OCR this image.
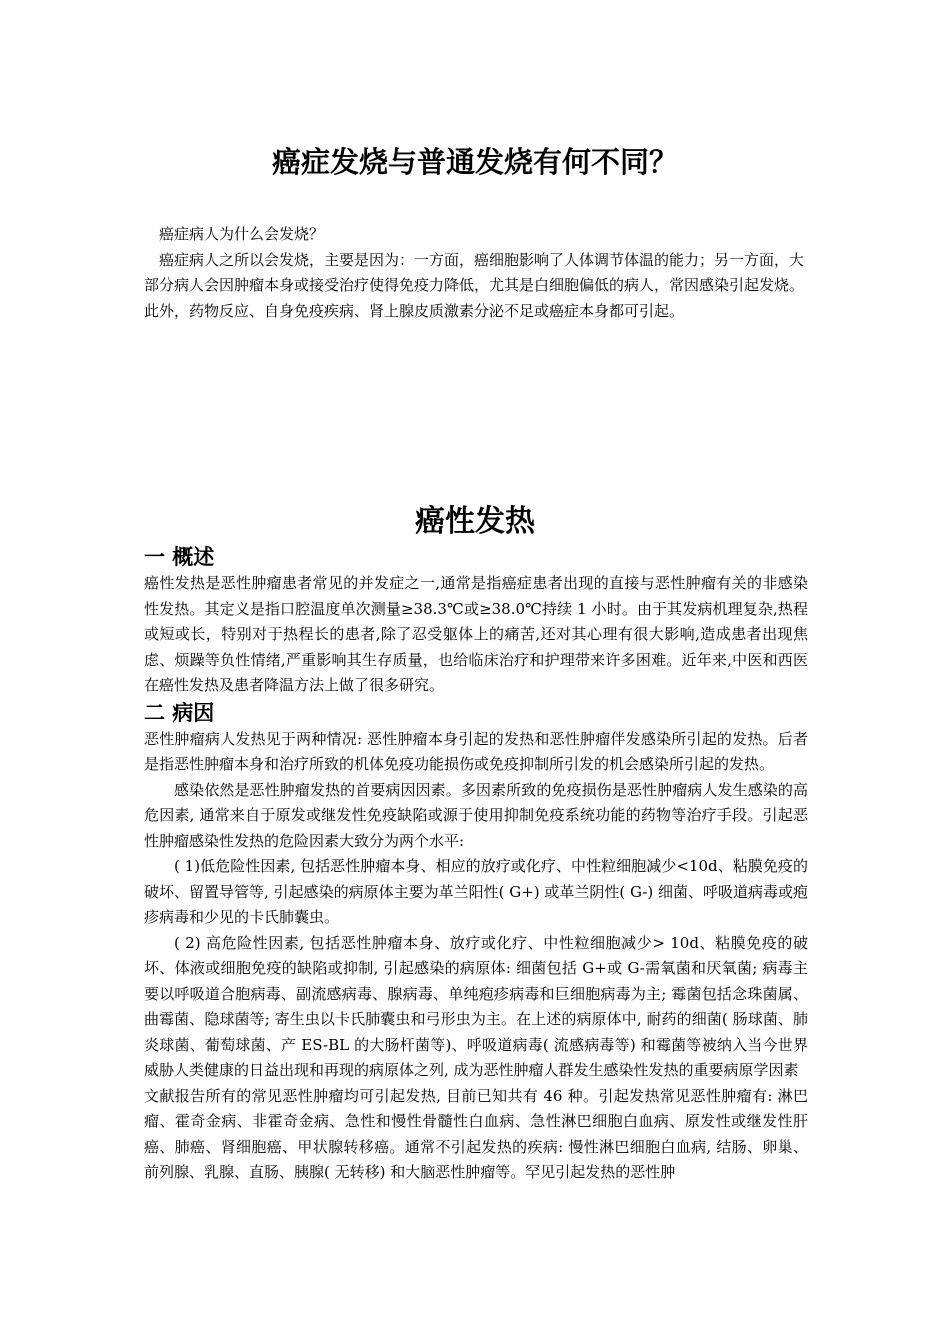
癌症发烧与普通发烧有何不同？

癌症病人为什么会发烧？

癌症病人之所以会发烧，主要是因为：一方面，癌细胞影响了人体调节体温的能力；另一方面，大部分病人会因肿瘤本身或接受治疗使得免疫力降低，尤其是白细胞偏低的病人，常因感染引起发烧。此外，药物反应、自身免疫疾病、肾上腺皮质激素分泌不足或癌症本身都可引起。

癌性发热
一 概述

癌性发热是恶性肿瘤患者常见的并发症之一,通常是指癌症患者出现的直接与恶性肿瘤有关的非感染性发热。其定义是指口腔温度单次测量≥38.3℃或≥38.0℃持续 1 小时。由于其发病机理复杂,热程或短或长，特别对于热程长的患者,除了忍受躯体上的痛苦,还对其心理有很大影响,造成患者出现焦虑、烦躁等负性情绪,严重影响其生存质量，也给临床治疗和护理带来许多困难。近年来,中医和西医在癌性发热及患者降温方法上做了很多研究。

二 病因

恶性肿瘤病人发热见于两种情况: 恶性肿瘤本身引起的发热和恶性肿瘤伴发感染所引起的发热。后者是指恶性肿瘤本身和治疗所致的机体免疫功能损伤或免疫抑制所引发的机会感染所引起的发热。

感染依然是恶性肿瘤发热的首要病因因素。多因素所致的免疫损伤是恶性肿瘤病人发生感染的高危因素, 通常来自于原发或继发性免疫缺陷或源于使用抑制免疫系统功能的药物等治疗手段。引起恶性肿瘤感染性发热的危险因素大致分为两个水平:

( 1)低危险性因素, 包括恶性肿瘤本身、相应的放疗或化疗、中性粒细胞减少<10d、粘膜免疫的破坏、留置导管等, 引起感染的病原体主要为革兰阳性( G+) 或革兰阴性( G-) 细菌、呼吸道病毒或疱疹病毒和少见的卡氏肺囊虫。

( 2) 高危险性因素, 包括恶性肿瘤本身、放疗或化疗、中性粒细胞减少> 10d、粘膜免疫的破坏、体液或细胞免疫的缺陷或抑制, 引起感染的病原体: 细菌包括 G+或 G-需氧菌和厌氧菌; 病毒主要以呼吸道合胞病毒、副流感病毒、腺病毒、单纯疱疹病毒和巨细胞病毒为主; 霉菌包括念珠菌属、曲霉菌、隐球菌等; 寄生虫以卡氏肺囊虫和弓形虫为主。在上述的病原体中, 耐药的细菌( 肠球菌、肺炎球菌、葡萄球菌、产 ES-BL 的大肠杆菌等)、呼吸道病毒( 流感病毒等) 和霉菌等被纳入当今世界威胁人类健康的日益出现和再现的病原体之列, 成为恶性肿瘤人群发生感染性发热的重要病原学因素

文献报告所有的常见恶性肿瘤均可引起发热, 目前已知共有 46 种。引起发热常见恶性肿瘤有: 淋巴瘤、霍奇金病、非霍奇金病、急性和慢性骨髓性白血病、急性淋巴细胞白血病、原发性或继发性肝癌、肺癌、肾细胞癌、甲状腺转移癌。通常不引起发热的疾病: 慢性淋巴细胞白血病, 结肠、卵巢、前列腺、乳腺、直肠、胰腺( 无转移) 和大脑恶性肿瘤等。罕见引起发热的恶性肿
